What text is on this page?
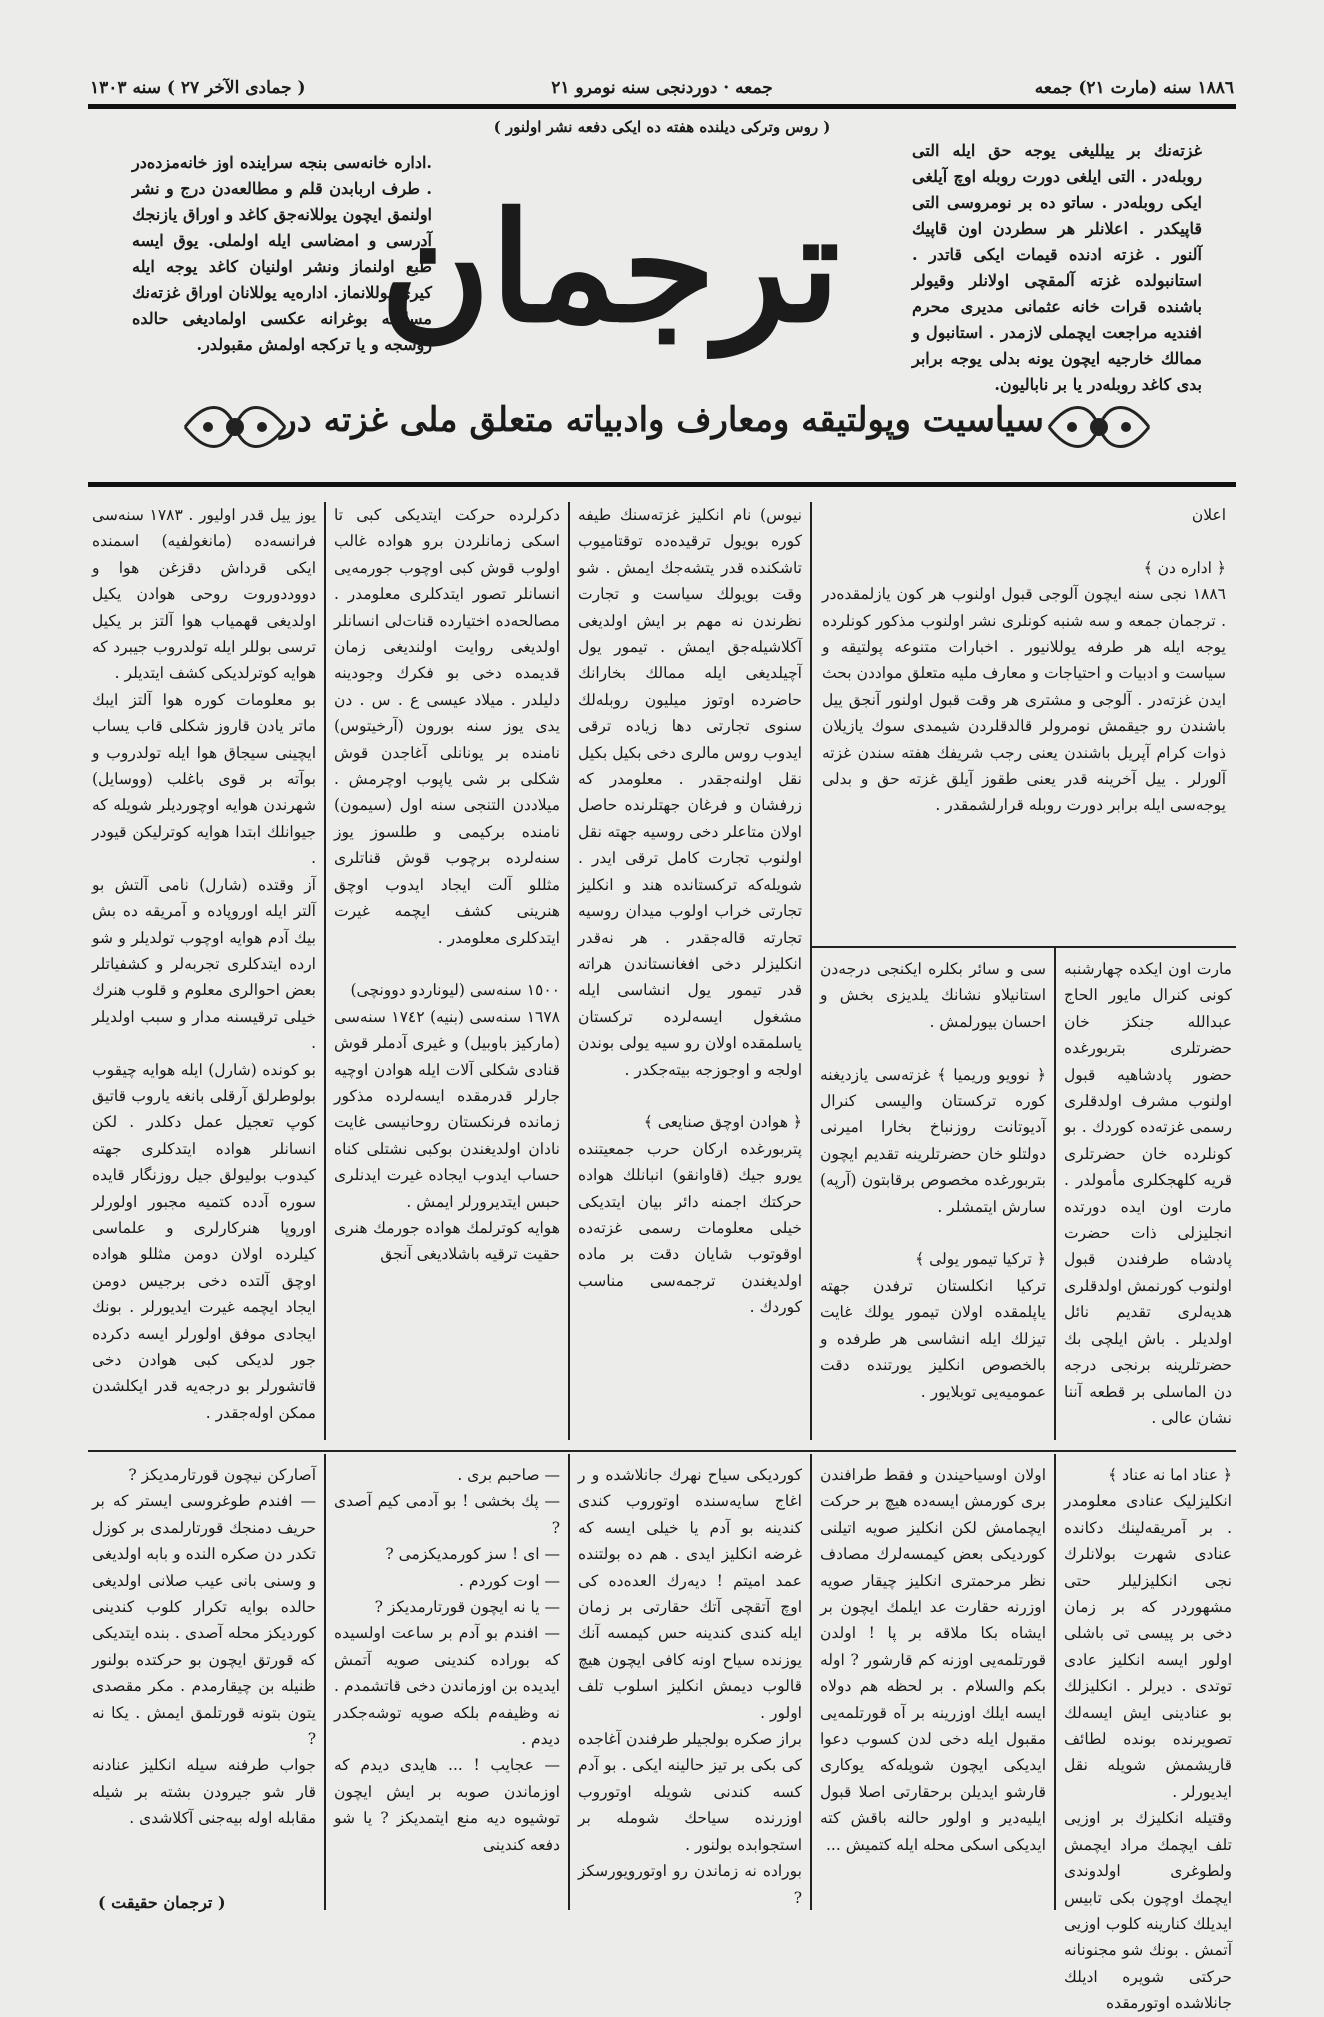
( جمادى الآخر ٢٧ ) سنه ١٣٠٣	جمعه · دوردنجی سنه نومرو ٢١	١٨٨٦ سنه (مارت ٢١) جمعه
( روس وترکی دیلنده هفته ده ایکی دفعه نشر اولنور )
.اداره خانه‌سی بنجه سراینده اوز خانه‌مزده‌در . طرف اربابدن قلم و مطالعه‌دن درج و نشر اولنمق ایچون یوللانه‌جق کاغد و اوراق یازنجك آدرسی و امضاسی ایله اولملی. یوق ایسه طبع اولنماز ونشر اولنیان کاغد یوجه ایله کیری یوللانماز. اداره‌یه یوللانان اوراق غزته‌نك مسلکنه بوغرانه عکسی اولمادیغی حالده روسجه و یا ترکجه اولمش مقبولدر.
غزته‌نك بر ییللیغی یوجه حق ایله التی روبله‌در . التی ایلغی دورت روبله اوچ آیلغی ایکی روبله‌در . ساتو ده بر نومروسی التی قاپیکدر . اعلانلر هر سطردن اون قاپیك آلنور . غزته ادنده قیمات ایکی قاتدر . استانبولده غزته آلمقچی اولانلر وقیولر باشنده قرات خانه عثمانی مدیری محرم افندیه مراجعت ایچملی لازمدر . استانبول و ممالك خارجیه ایچون یونه بدلی یوجه برابر بدی کاغد روبله‌در یا بر نابالیون.
ترجمان
سیاسیت وپولتیقه ومعارف وادبیاته متعلق ملی غزته در
اعلان

﴿ اداره دن ﴾
١٨٨٦ نجی سنه ایچون آلوجی قبول اولنوب هر کون یازلمقده‌در . ترجمان جمعه و سه شنبه کونلری نشر اولنوب مذکور کونلرده یوجه ایله هر طرفه یوللانیور . اخبارات متنوعه پولتیقه و سیاست و ادبیات و احتیاجات و معارف ملیه متعلق مواددن بحث ایدن غزته‌در . آلوجی و مشتری هر وقت قبول اولنور آنجق ییل باشندن رو جیقمش نومرولر قالدقلردن شیمدی سوك یازیلان ذوات کرام آپریل باشندن یعنی رجب شریفك هفته سندن غزته آلورلر . ییل آخرینه قدر یعنی طقوز آیلق غزته حق و بدلی یوجه‌سی ایله برابر دورت روبله قرارلشمقدر .
مارت اون ایکده چهارشنبه کونی کنرال مایور الحاج عبدالله جنکز خان حضرتلری بتربورغده حضور پادشاهیه قبول اولنوب مشرف اولدقلری رسمی غزته‌ده کوردك . بو کونلرده خان حضرتلری قریه کلهجکلری مأمولدر . مارت اون ایده دورتده انجلیزلی ذات حضرت پادشاه طرفندن قبول اولنوب کورنمش اولدقلری هدیه‌لری تقدیم نائل اولدیلر . باش ایلچی بك حضرتلرینه برنجی درجه دن الماسلی بر قطعه آننا نشان عالی .
سی و سائر بکلره ایکنجی درجه‌دن استانیلاو نشانك یلدیزی بخش و احسان بیورلمش .

﴿ نوویو وریمیا ﴾ غزته‌سی یازدیغنه کوره ترکستان والیسی کنرال آدیوتانت روزنباخ بخارا امیرنی دولتلو خان حضرتلرینه تقدیم ایچون بتربورغده مخصوص برقابتون (آرپه) سارش ایتمشلر .

﴿ ترکیا تیمور یولی ﴾
ترکیا انکلستان ترفدن جهته یاپلمقده اولان تیمور یولك غایت تیزلك ایله انشاسی هر طرفده و بالخصوص انکلیز یورتنده دقت عمومیه‌یی توبلایور .
نیوس) نام انکلیز غزته‌سنك طیفه کوره بویول ترقیده‌ده توقتامیوب تاشکنده قدر یتشه‌جك ایمش . شو وقت بویولك سیاست و تجارت نظرندن نه مهم بر ایش اولدیغی آکلاشیله‌جق ایمش . تیمور یول آچیلدیغی ایله ممالك بخارانك حاضرده اوتوز میلیون روبله‌لك سنوی تجارتی دها زیاده ترقی ایدوب روس مالری دخی بکیل بکیل نقل اولنه‌جقدر . معلومدر که زرفشان و فرغان جهتلرنده حاصل اولان متاعلر دخی روسیه جهته نقل اولنوب تجارت کامل ترقی ایدر . شویله‌که ترکستانده هند و انکلیز تجارتی خراب اولوب میدان روسیه تجارته قاله‌جقدر . هر نه‌قدر انکلیزلر دخی افغانستاندن هراته قدر تیمور یول انشاسی ایله مشغول ایسه‌لرده ترکستان یاسلمقده اولان رو سیه یولی بوندن اولجه و اوجوزجه بیته‌جکدر .

﴿ هوادن اوچق صنایعی ﴾
پتربورغده ارکان حرب جمعیتنده یورو جیك (قاوانقو) انبانلك هواده حرکتك اجمنه دائر بیان ایتدیکی خیلی معلومات رسمی غزته‌ده اوقوتوب شایان دقت بر ماده اولدیغندن ترجمه‌سی مناسب کوردك .
دکرلرده حرکت ایتدیکی کبی تا اسکی زمانلردن برو هواده غالب اولوب قوش کبی اوچوب جورمه‌یی انسانلر تصور ایتدکلری معلومدر . مصالحه‌ده اختیارده قنات‌لی انسانلر اولدیغی روایت اولندیغی زمان قدیمده دخی بو فکرك وجودینه دلیلدر . میلاد عیسی ع . س . دن یدی یوز سنه بورون (آرخیتوس) نامنده بر یونانلی آغاجدن قوش شکلی بر شی یاپوب اوچرمش . میلاددن التنجی سنه اول (سیمون) نامنده برکیمی و طلسوز یوز سنه‌لرده برچوب قوش قناتلری مثللو آلت ایجاد ایدوب اوچق هنرینی کشف ایچمه غیرت ایتدکلری معلومدر .

١٥٠٠ سنه‌سی (لیوناردو دوونچی)
١٦٧٨ سنه‌سی (بنیه) ١٧٤٢ سنه‌سی (مارکیز باوبیل) و غیری آدملر قوش قنادی شکلی آلات ایله هوادن اوچیه جارلر قدرمقده ایسه‌لرده مذکور زمانده فرنکستان روحانیسی غایت نادان اولدیغندن بوکبی نشتلی کناه حساب ایدوب ایجاده غیرت ایدنلری حبس ایتدیرورلر ایمش .
هوایه کوترلمك هواده جورمك هنری حقیت ترقیه باشلادیغی آنجق
یوز ییل قدر اولیور . ١٧٨٣ سنه‌سی فرانسه‌ده (مانغولفیه) اسمنده ایکی قرداش دقزغن هوا و دووددوروت روحی هوادن یکیل اولدیغی قهمیاب هوا آلتز بر یکیل ترسی بوللر ایله تولدروب جیبرد که هوایه کوترلدیکی کشف ایتدیلر .
بو معلومات کوره هوا آلتز ایبك ماتر یادن قاروز شکلی قاب یساب ایچینی سیجاق هوا ایله تولدروب و بوآته بر قوی باغلب (ووسایل) شهرندن هوایه اوچوردیلر شویله که جیوانلك ابتدا هوایه کوترلیکن قیودر .
آز وقتده (شارل) نامی آلتش بو آلتر ایله اوروپاده و آمریقه ده بش بیك آدم هوایه اوچوب تولدیلر و شو ارده ایتدکلری تجربه‌لر و کشفیاتلر بعض احوالری معلوم و قلوب هنرك خیلی ترقیسنه مدار و سبب اولدیلر .
بو کونده (شارل) ایله هوایه چیقوب بولوطرلق آرقلی بانغه یاروب قاتیق کوپ تعجیل عمل دکلدر . لکن انسانلر هواده ایتدکلری جهته کیدوب بولیولق جیل روزنگار قایده سوره آدده کتمیه مجبور اولورلر اوروپا هنرکارلری و علماسی کیلرده اولان دومن مثللو هواده اوچق آلتده دخی برجیس دومن ایجاد ایچمه غیرت ایدیورلر . بونك ایجادی موفق اولورلر ایسه دکرده جور لدیکی کبی هوادن دخی قاتشورلر بو درجه‌یه قدر ایکلشدن ممکن اوله‌جقدر .
﴿ عناد اما نه عناد ﴾
انکلیزلیک عنادی معلومدر . بر آمریقه‌لینك دکانده عنادی شهرت بولانلرك نجی انکلیزلیلر حتی مشهوردر که بر زمان دخی بر پیسی تی باشلی اولور ایسه انکلیز عادی توتدی . دیرلر . انکلیزلك بو عنادینی ایش ایسه‌لك تصویرنده بونده لطائف قاریشمش شویله نقل ایدیورلر .
وقتیله انکلیزك بر اوزیی تلف ایچمك مراد ایچمش ولطوغری اولدوندی ایچمك اوچون بکی تابیس ایدیلك کنارینه کلوب اوزیی آتمش . بونك شو مجنونانه حرکتی شویره ادیلك جانلاشده اوتورمقده
اولان اوسیاحیندن و فقط طرافندن بری کورمش ایسه‌ده هیچ بر حرکت ایچمامش لکن انکلیز صویه اتیلنی کوردیکی بعض کیمسه‌لرك مصادف نظر مرحمتری انکلیز چیقار صویه اوزرنه حقارت عد ایلمك ایچون بر ایشاه بکا ملاقه بر پا ! اولدن قورتلمه‌یی اوزنه کم قارشور ? اوله بکم والسلام . بر لحظه هم دولاه ایسه ایلك اوزرینه بر آه قورتلمه‌یی مقبول ایله دخی لدن کسوب دعوا ایدیکی ایچون شویله‌که یوکاری قارشو ایدیلن برحقارتی اصلا قبول ایلیه‌دیر و اولور حالنه باقش کته ایدیکی اسکی محله ایله کتمیش ...
کوردیکی سیاح نهرك جانلاشده و ر اغاج سایه‌سنده اوتوروب کندی کندینه بو آدم یا خیلی ایسه که غرضه انکلیز ایدی . هم ده بولتنده عمد امیتم ! دیه‌رك العده‌ده کی اوچ آتقچی آتك حقارتی بر زمان ایله کندی کندینه حس کیمسه آنك یوزنده سیاح اونه کافی ایچون هیچ قالوب دیمش انکلیز اسلوب تلف اولور .
براز صکره بولجیلر طرفندن آغاجده کی بکی بر تیز حالینه ایکی . بو آدم کسه کندنی شویله اوتوروب اوزرنده سیاحك شومله بر استجوابده بولنور .
بوراده نه زماندن رو اوتورویورسکز ?
— صاحبم بری .
— پك بخشی ! بو آدمی کیم آصدی ?
— ای ! سز کورمدیکزمی ?
— اوت کوردم .
— یا نه ایچون قورتارمدیکز ?
— افندم بو آدم بر ساعت اولسیده که بوراده کندینی صویه آتمش ایدیده بن اوزماندن دخی قاتشمدم . نه وظیفه‌م بلکه صویه توشه‌جکدر دیدم .
— عجایب ! ... هایدی دیدم که اوزماندن صوبه بر ایش ایچون توشیوه دیه منع ایتمدیکز ? یا شو دفعه کندینی
آصارکن نیچون قورتارمدیکز ?
— افندم طوغروسی ایستر که بر حریف دمنجك قورتارلمدی بر کوزل تکدر دن صکره النده و بابه اولدیغی و وسنی بانی عیب صلانی اولدیغی حالده بوایه تکرار کلوب کندینی کوردیکز محله آصدی . بنده ایتدیکی که قورتق ایچون بو حرکتده بولنور ظنیله بن چیقارمدم . مکر مقصدی یتون بتونه قورتلمق ایمش . یکا نه ?
جواب طرفنه سیله انکلیز عنادنه قار شو جیرودن بشته بر شیله مقابله اوله بیه‌جنی آکلاشدی .
( ترجمان حقیقت )
